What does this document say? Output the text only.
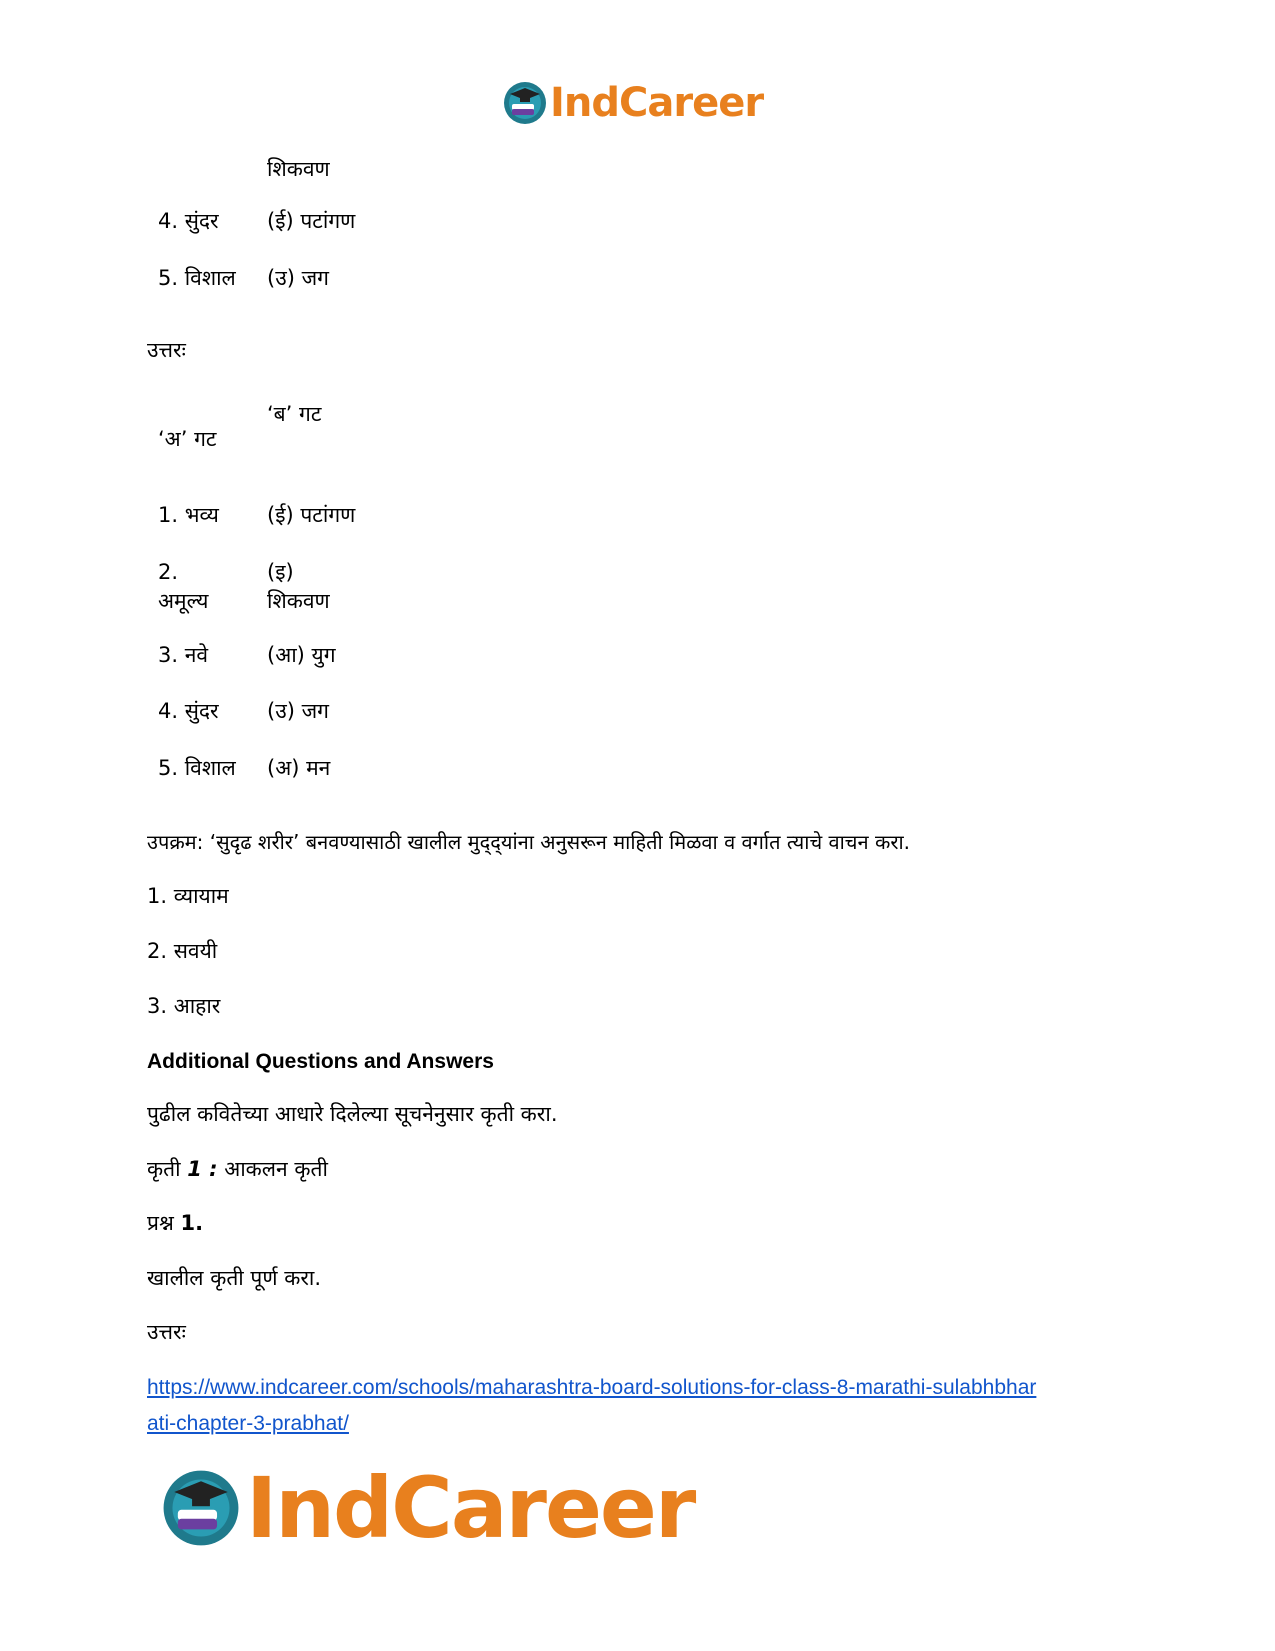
IndCareer
शिकवण
4. सुंदर (ई) पटांगण
5. विशाल (उ) जग
उत्तरः
‘ब’ गट
‘अ’ गट
1. भव्य (ई) पटांगण
2.
अमूल्य
(इ)
शिकवण
3. नवे	(आ) युग
4. सुंदर (उ) जग
5. विशाल (अ) मन
उपक्रम: ‘सुदृढ शरीर’ बनवण्यासाठी खालील मुद्‌द्‌यांना अनुसरून माहिती मिळवा व वर्गात त्याचे वाचन करा.
1. व्यायाम
2. सवयी
3. आहार
Additional Questions and Answers
पुढील कवितेच्या आधारे दिलेल्या सूचनेनुसार कृती करा.
कृती 1 : आकलन कृती
प्रश्न 1.
खालील कृती पूर्ण करा.
उत्तरः
https://www.indcareer.com/schools/maharashtra-board-solutions-for-class-8-marathi-sulabhbhar
ati-chapter-3-prabhat/
IndCareer
